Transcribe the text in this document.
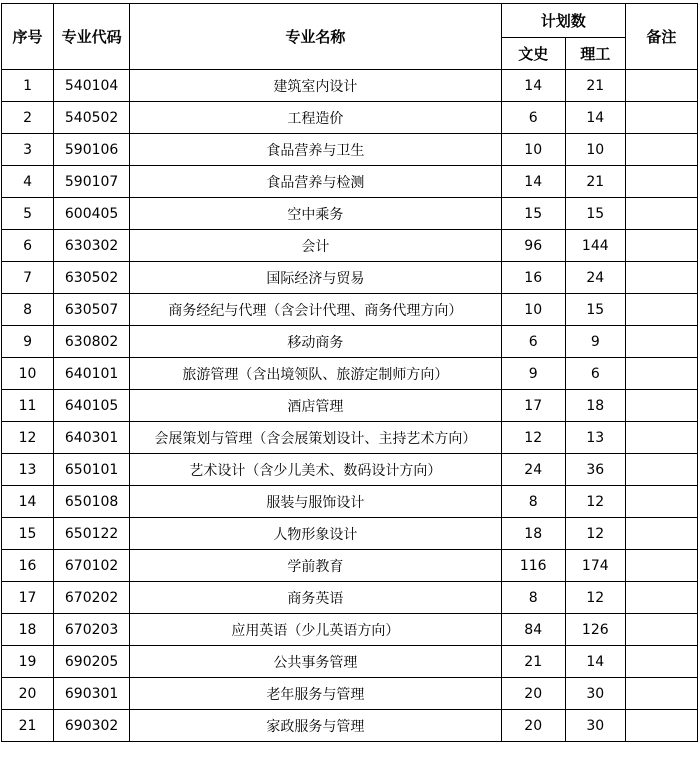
序号	专业代码	专业名称	计划数		备注
			文史	理工	
1	540104	建筑室内设计	14	21	
2	540502	工程造价	6	14	
3	590106	食品营养与卫生	10	10	
4	590107	食品营养与检测	14	21	
5	600405	空中乘务	15	15	
6	630302	会计	96	144	
7	630502	国际经济与贸易	16	24	
8	630507	商务经纪与代理（含会计代理、商务代理方向）	10	15	
9	630802	移动商务	6	9	
10	640101	旅游管理（含出境领队、旅游定制师方向）	9	6	
11	640105	酒店管理	17	18	
12	640301	会展策划与管理（含会展策划设计、主持艺术方向）	12	13	
13	650101	艺术设计（含少儿美术、数码设计方向）	24	36	
14	650108	服装与服饰设计	8	12	
15	650122	人物形象设计	18	12	
16	670102	学前教育	116	174	
17	670202	商务英语	8	12	
18	670203	应用英语（少儿英语方向）	84	126	
19	690205	公共事务管理	21	14	
20	690301	老年服务与管理	20	30	
21	690302	家政服务与管理	20	30	
